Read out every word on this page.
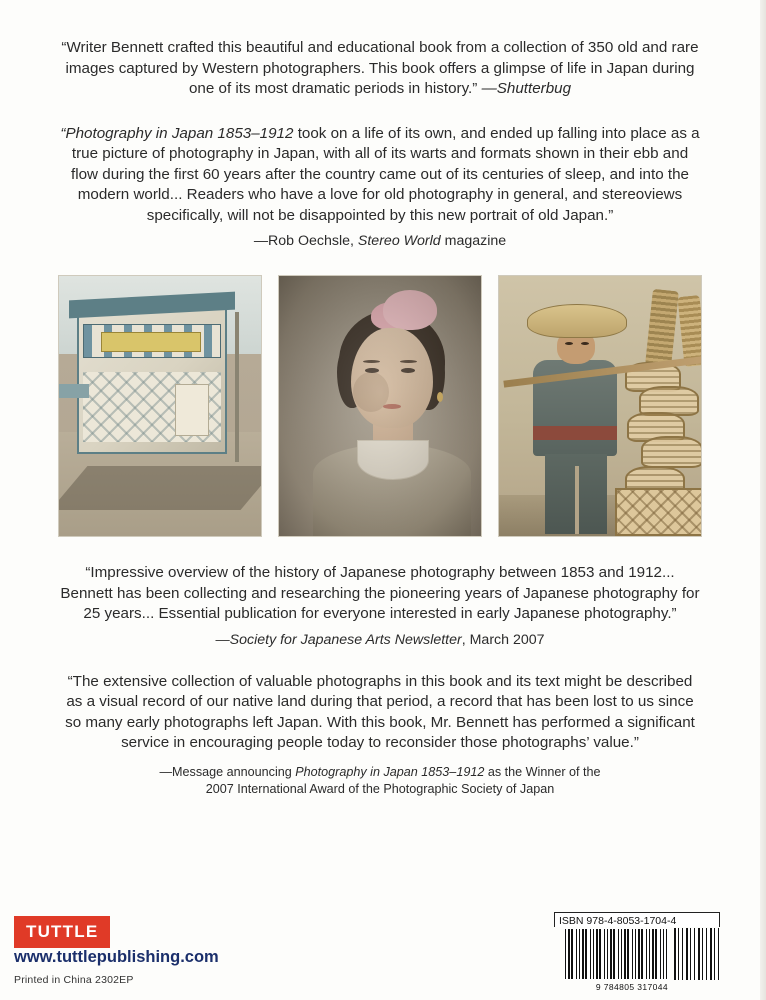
“Writer Bennett crafted this beautiful and educational book from a collection of 350 old and rare images captured by Western photographers. This book offers a glimpse of life in Japan during one of its most dramatic periods in history.” —Shutterbug
“Photography in Japan 1853–1912 took on a life of its own, and ended up falling into place as a true picture of photography in Japan, with all of its warts and formats shown in their ebb and flow during the first 60 years after the country came out of its centuries of sleep, and into the modern world... Readers who have a love for old photography in general, and stereoviews specifically, will not be disappointed by this new portrait of old Japan.”
—Rob Oechsle, Stereo World magazine
“Impressive overview of the history of Japanese photography between 1853 and 1912... Bennett has been collecting and researching the pioneering years of Japanese photography for 25 years... Essential publication for everyone interested in early Japanese photography.”
—Society for Japanese Arts Newsletter, March 2007
“The extensive collection of valuable photographs in this book and its text might be described as a visual record of our native land during that period, a record that has been lost to us since so many early photographs left Japan. With this book, Mr. Bennett has performed a significant service in encouraging people today to reconsider those photographs’ value.”
—Message announcing Photography in Japan 1853–1912 as the Winner of the
2007 International Award of the Photographic Society of Japan
TUTTLE
www.tuttlepublishing.com
Printed in China 2302EP
ISBN 978-4-8053-1704-4
9 784805 317044
